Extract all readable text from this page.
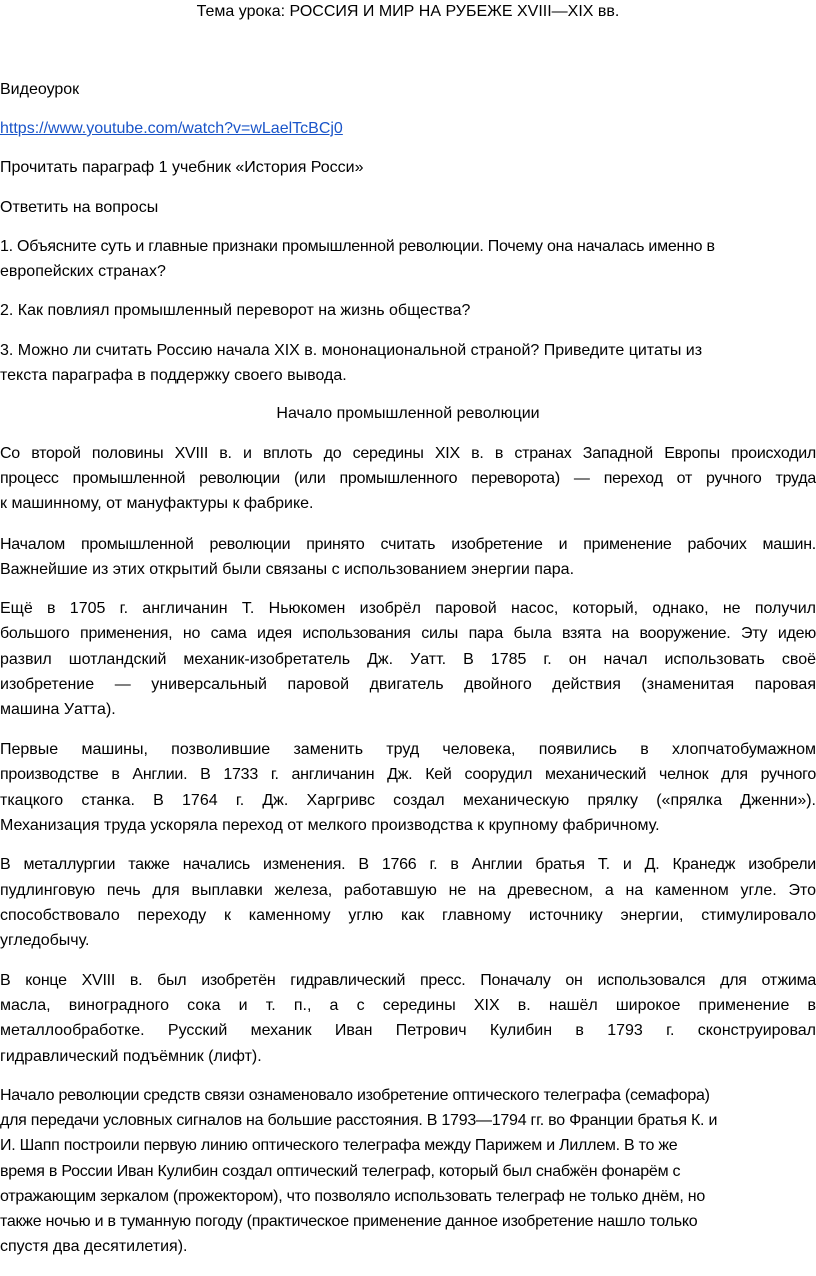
Тема урока: РОССИЯ И МИР НА РУБЕЖЕ XVIII—XIX вв.

Видеоурок

https://www.youtube.com/watch?v=wLaelTcBCj0

Прочитать параграф 1 учебник «История Росси»

Ответить на вопросы

1. Объясните суть и главные признаки промышленной революции. Почему она началась именно в

европейских странах?

2. Как повлиял промышленный переворот на жизнь общества?

3. Можно ли считать Россию начала XIX в. мононациональной страной? Приведите цитаты из

текста параграфа в поддержку своего вывода.

Начало промышленной революции

Со второй половины XVIII в. и вплоть до середины XIX в. в странах Западной Европы происходил

процесс промышленной революции (или промышленного переворота) — переход от ручного труда

к машинному, от мануфактуры к фабрике.

Началом промышленной революции принято считать изобретение и применение рабочих машин.

Важнейшие из этих открытий были связаны с использованием энергии пара.

Ещё в 1705 г. англичанин Т. Ньюкомен изобрёл паровой насос, который, однако, не получил

большого применения, но сама идея использования силы пара была взята на вооружение. Эту идею

развил шотландский механик-изобретатель Дж. Уатт. В 1785 г. он начал использовать своё

изобретение — универсальный паровой двигатель двойного действия (знаменитая паровая

машина Уатта).

Первые машины, позволившие заменить труд человека, появились в хлопчатобумажном

производстве в Англии. В 1733 г. англичанин Дж. Кей соорудил механический челнок для ручного

ткацкого станка. В 1764 г. Дж. Харгривс создал механическую прялку («прялка Дженни»).

Механизация труда ускоряла переход от мелкого производства к крупному фабричному.

В металлургии также начались изменения. В 1766 г. в Англии братья Т. и Д. Кранедж изобрели

пудлинговую печь для выплавки железа, работавшую не на древесном, а на каменном угле. Это

способствовало переходу к каменному углю как главному источнику энергии, стимулировало

угледобычу.

В конце XVIII в. был изобретён гидравлический пресс. Поначалу он использовался для отжима

масла, виноградного сока и т. п., а с середины XIX в. нашёл широкое применение в

металлообработке. Русский механик Иван Петрович Кулибин в 1793 г. сконструировал

гидравлический подъёмник (лифт).

Начало революции средств связи ознаменовало изобретение оптического телеграфа (семафора)

для передачи условных сигналов на большие расстояния. В 1793—1794 гг. во Франции братья К. и

И. Шапп построили первую линию оптического телеграфа между Парижем и Лиллем. В то же

время в России Иван Кулибин создал оптический телеграф, который был снабжён фонарём с

отражающим зеркалом (прожектором), что позволяло использовать телеграф не только днём, но

также ночью и в туманную погоду (практическое применение данное изобретение нашло только

спустя два десятилетия).
